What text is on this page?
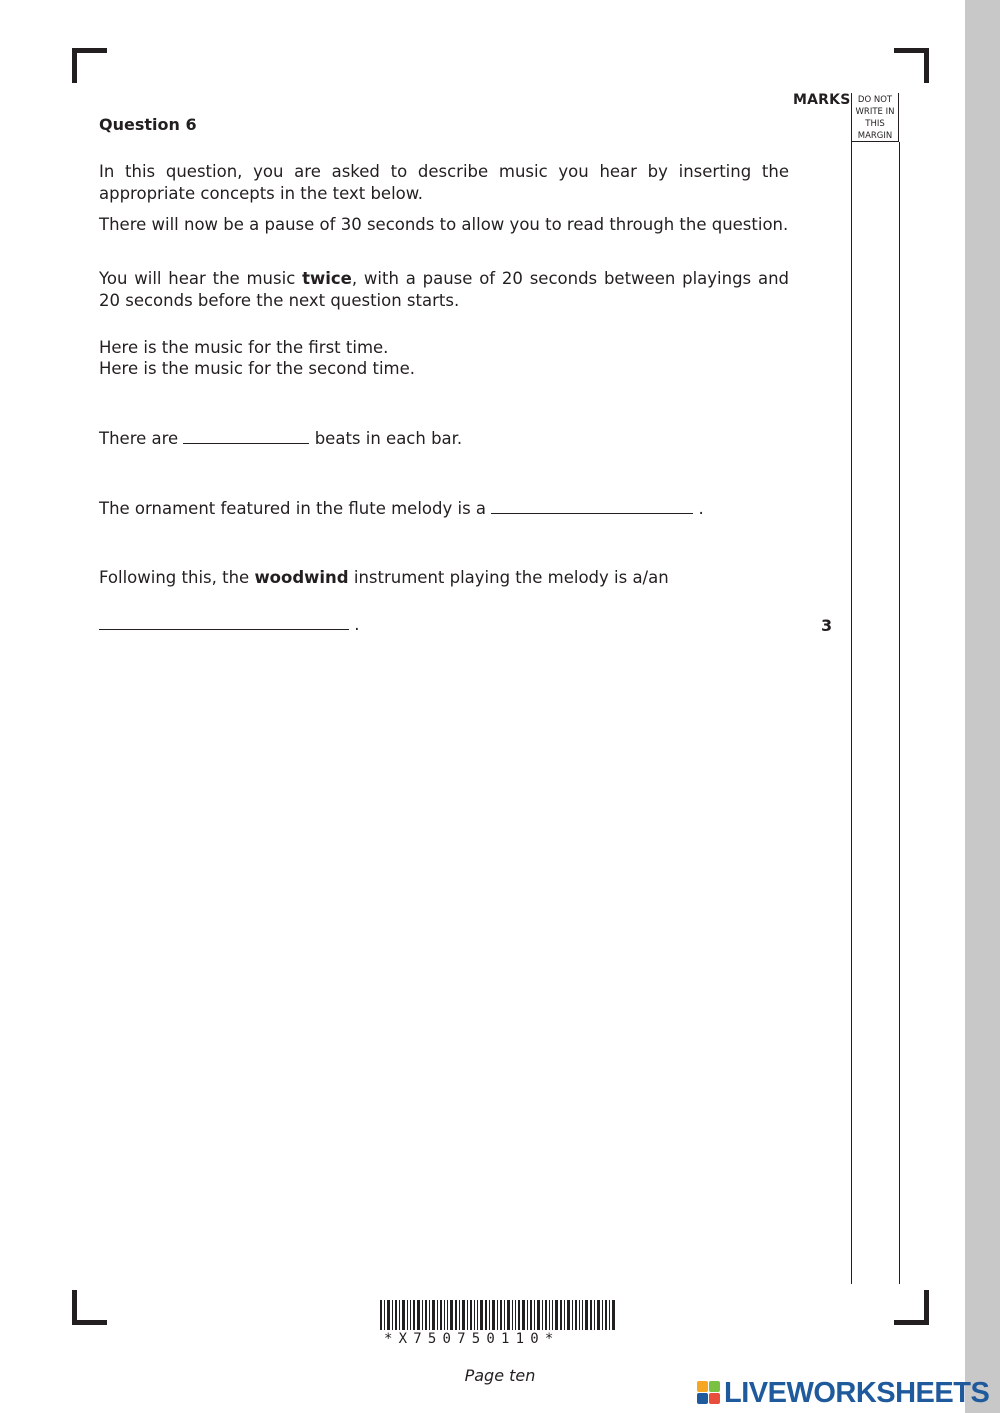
MARKS DO NOT
WRITE IN
THIS
MARGIN
Question 6
In this question, you are asked to describe music you hear by inserting the appropriate concepts in the text below.
There will now be a pause of 30 seconds to allow you to read through the question.
You will hear the music twice, with a pause of 20 seconds between playings and 20 seconds before the next question starts.
Here is the music for the first time.
Here is the music for the second time.
There are	beats in each bar.
The ornament featured in the flute melody is a	.
Following this, the woodwind instrument playing the melody is a/an
.	3
*X750750110*
Page ten
LIVEWORKSHEETS
